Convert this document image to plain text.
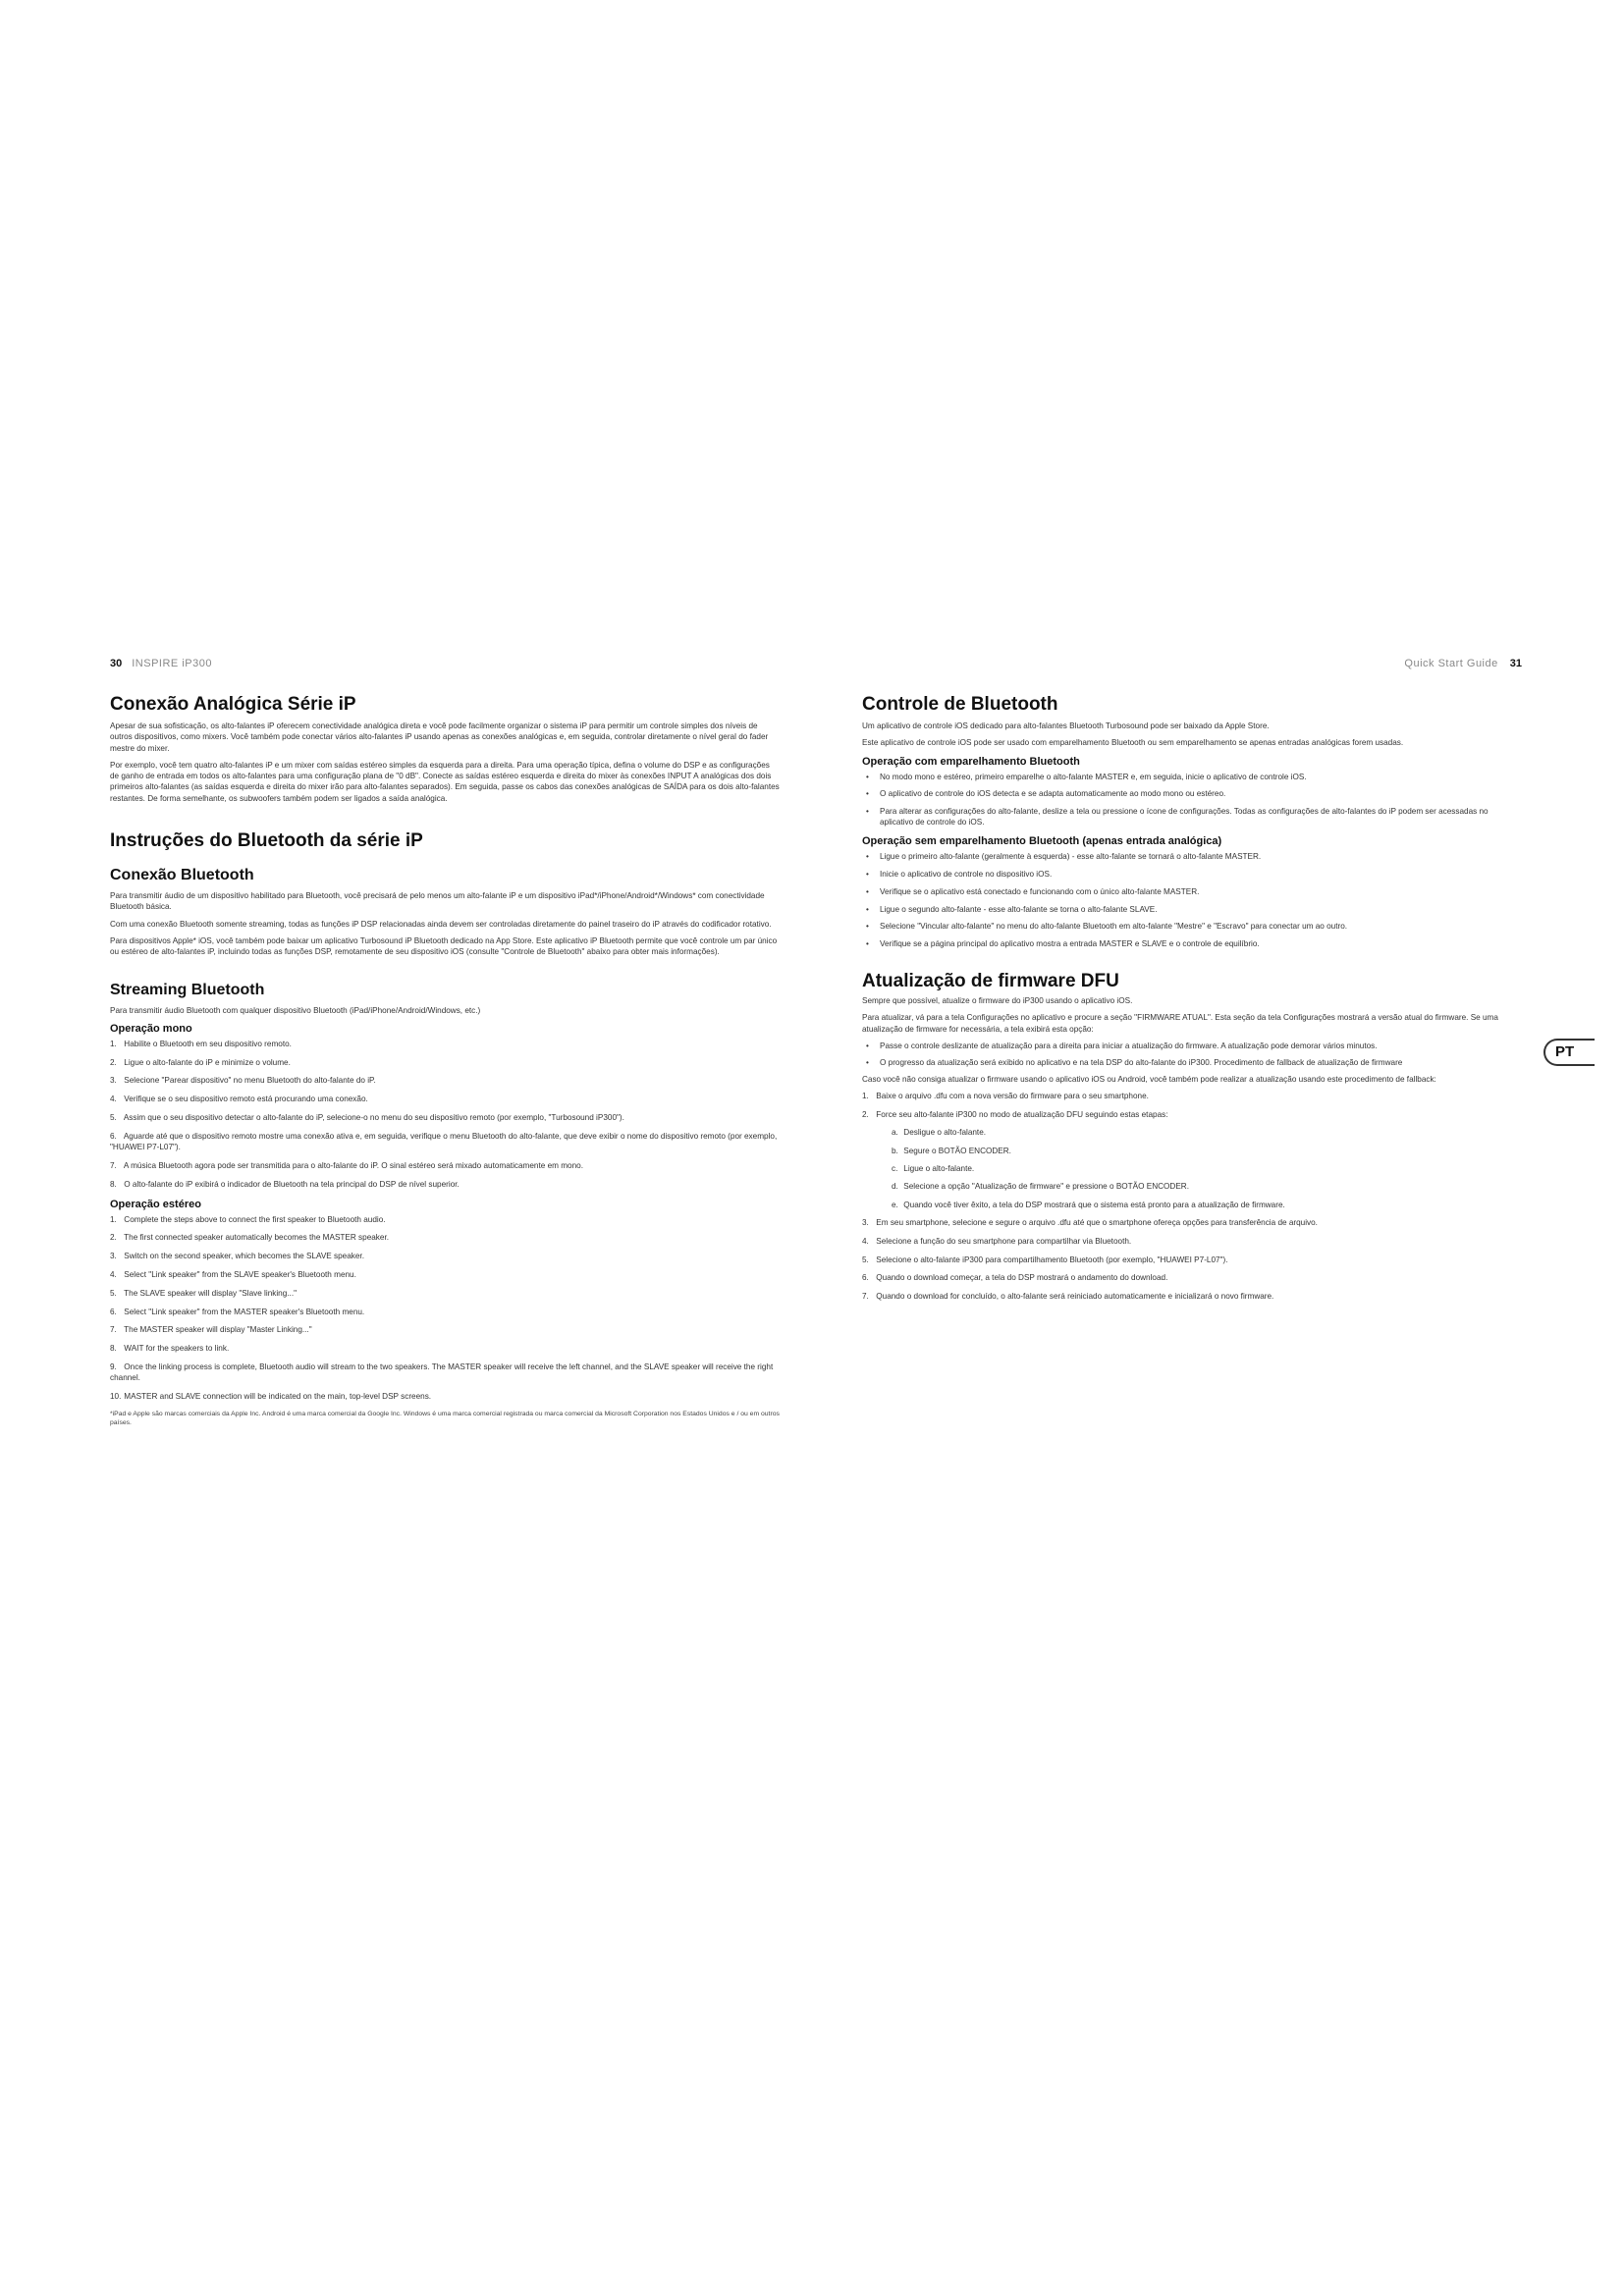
30 INSPIRE iP300
Conexão Analógica Série iP

Apesar de sua sofisticação, os alto-falantes iP oferecem conectividade analógica direta e você pode facilmente organizar o sistema iP para permitir um controle simples dos níveis de outros dispositivos, como mixers. Você também pode conectar vários alto-falantes iP usando apenas as conexões analógicas e, em seguida, controlar diretamente o nível geral do fader mestre do mixer.

Por exemplo, você tem quatro alto-falantes iP e um mixer com saídas estéreo simples da esquerda para a direita. Para uma operação típica, defina o volume do DSP e as configurações de ganho de entrada em todos os alto-falantes para uma configuração plana de "0 dB". Conecte as saídas estéreo esquerda e direita do mixer às conexões INPUT A analógicas dos dois primeiros alto-falantes (as saídas esquerda e direita do mixer irão para alto-falantes separados). Em seguida, passe os cabos das conexões analógicas de SAÍDA para os dois alto-falantes restantes. De forma semelhante, os subwoofers também podem ser ligados a saída analógica.

Instruções do Bluetooth da série iP
Conexão Bluetooth

Para transmitir áudio de um dispositivo habilitado para Bluetooth, você precisará de pelo menos um alto-falante iP e um dispositivo iPad*/iPhone/Android*/Windows* com conectividade Bluetooth básica.

Com uma conexão Bluetooth somente streaming, todas as funções iP DSP relacionadas ainda devem ser controladas diretamente do painel traseiro do iP através do codificador rotativo.

Para dispositivos Apple* iOS, você também pode baixar um aplicativo Turbosound iP Bluetooth dedicado na App Store. Este aplicativo iP Bluetooth permite que você controle um par único ou estéreo de alto-falantes iP, incluindo todas as funções DSP, remotamente de seu dispositivo iOS (consulte "Controle de Bluetooth" abaixo para obter mais informações).

Streaming Bluetooth

Para transmitir áudio Bluetooth com qualquer dispositivo Bluetooth (iPad/iPhone/Android/Windows, etc.)

Operação mono
1. Habilite o Bluetooth em seu dispositivo remoto.
2. Ligue o alto-falante do iP e minimize o volume.
3. Selecione "Parear dispositivo" no menu Bluetooth do alto-falante do iP.
4. Verifique se o seu dispositivo remoto está procurando uma conexão.
5. Assim que o seu dispositivo detectar o alto-falante do iP, selecione-o no menu do seu dispositivo remoto (por exemplo, "Turbosound iP300").
6. Aguarde até que o dispositivo remoto mostre uma conexão ativa e, em seguida, verifique o menu Bluetooth do alto-falante, que deve exibir o nome do dispositivo remoto (por exemplo, "HUAWEI P7-L07").
7. A música Bluetooth agora pode ser transmitida para o alto-falante do iP. O sinal estéreo será mixado automaticamente em mono.
8. O alto-falante do iP exibirá o indicador de Bluetooth na tela principal do DSP de nível superior.
Operação estéreo
1. Complete the steps above to connect the first speaker to Bluetooth audio.
2. The first connected speaker automatically becomes the MASTER speaker.
3. Switch on the second speaker, which becomes the SLAVE speaker.
4. Select "Link speaker" from the SLAVE speaker's Bluetooth menu.
5. The SLAVE speaker will display "Slave linking..."
6. Select "Link speaker" from the MASTER speaker's Bluetooth menu.
7. The MASTER speaker will display "Master Linking..."
8. WAIT for the speakers to link.
9. Once the linking process is complete, Bluetooth audio will stream to the two speakers. The MASTER speaker will receive the left channel, and the SLAVE speaker will receive the right channel.
10. MASTER and SLAVE connection will be indicated on the main, top-level DSP screens.
*iPad e Apple são marcas comerciais da Apple Inc. Android é uma marca comercial da Google Inc. Windows é uma marca comercial registrada ou marca comercial da Microsoft Corporation nos Estados Unidos e / ou em outros países.
Quick Start Guide 31
Controle de Bluetooth

Um aplicativo de controle iOS dedicado para alto-falantes Bluetooth Turbosound pode ser baixado da Apple Store.

Este aplicativo de controle iOS pode ser usado com emparelhamento Bluetooth ou sem emparelhamento se apenas entradas analógicas forem usadas.

Operação com emparelhamento Bluetooth
• No modo mono e estéreo, primeiro emparelhe o alto-falante MASTER e, em seguida, inicie o aplicativo de controle iOS.
• O aplicativo de controle do iOS detecta e se adapta automaticamente ao modo mono ou estéreo.
• Para alterar as configurações do alto-falante, deslize a tela ou pressione o ícone de configurações. Todas as configurações de alto-falantes do iP podem ser acessadas no aplicativo de controle do iOS.
Operação sem emparelhamento Bluetooth (apenas entrada analógica)
• Ligue o primeiro alto-falante (geralmente à esquerda) - esse alto-falante se tornará o alto-falante MASTER.
• Inicie o aplicativo de controle no dispositivo iOS.
• Verifique se o aplicativo está conectado e funcionando com o único alto-falante MASTER.
• Ligue o segundo alto-falante - esse alto-falante se torna o alto-falante SLAVE.
• Selecione "Vincular alto-falante" no menu do alto-falante Bluetooth em alto-falante "Mestre" e "Escravo" para conectar um ao outro.
• Verifique se a página principal do aplicativo mostra a entrada MASTER e SLAVE e o controle de equilíbrio.
Atualização de firmware DFU

Sempre que possível, atualize o firmware do iP300 usando o aplicativo iOS.

Para atualizar, vá para a tela Configurações no aplicativo e procure a seção "FIRMWARE ATUAL". Esta seção da tela Configurações mostrará a versão atual do firmware. Se uma atualização de firmware for necessária, a tela exibirá esta opção:

• Passe o controle deslizante de atualização para a direita para iniciar a atualização do firmware. A atualização pode demorar vários minutos.
• O progresso da atualização será exibido no aplicativo e na tela DSP do alto-falante do iP300. Procedimento de fallback de atualização de firmware

Caso você não consiga atualizar o firmware usando o aplicativo iOS ou Android, você também pode realizar a atualização usando este procedimento de fallback:

1. Baixe o arquivo .dfu com a nova versão do firmware para o seu smartphone.
2. Force seu alto-falante iP300 no modo de atualização DFU seguindo estas etapas:
a. Desligue o alto-falante.
b. Segure o BOTÃO ENCODER.
c. Ligue o alto-falante.
d. Selecione a opção "Atualização de firmware" e pressione o BOTÃO ENCODER.
e. Quando você tiver êxito, a tela do DSP mostrará que o sistema está pronto para a atualização de firmware.
3. Em seu smartphone, selecione e segure o arquivo .dfu até que o smartphone ofereça opções para transferência de arquivo.
4. Selecione a função do seu smartphone para compartilhar via Bluetooth.
5. Selecione o alto-falante iP300 para compartilhamento Bluetooth (por exemplo, "HUAWEI P7-L07").
6. Quando o download começar, a tela do DSP mostrará o andamento do download.
7. Quando o download for concluído, o alto-falante será reiniciado automaticamente e inicializará o novo firmware.
PT
